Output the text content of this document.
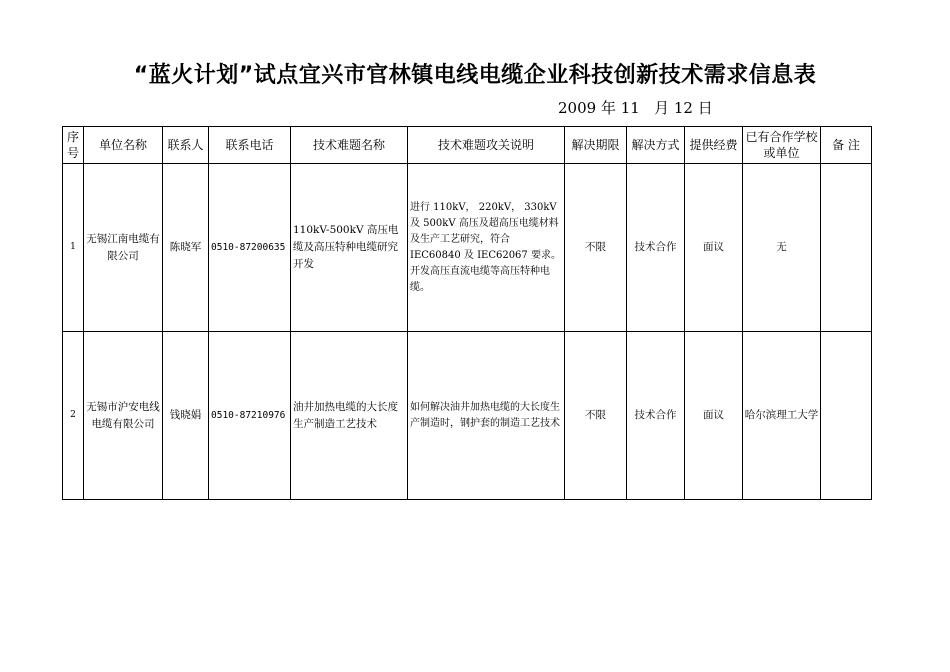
“蓝火计划”试点宜兴市官林镇电线电缆企业科技创新技术需求信息表
2009 年 11   月 12 日
序号	单位名称	联系人	联系电话	技术难题名称	技术难题攻关说明	解决期限	解决方式	提供经费	已有合作学校或单位	备 注
1	无锡江南电缆有限公司	陈晓军	0510-87200635	110kV-500kV 高压电缆及高压特种电缆研究开发	进行 110kV， 220kV， 330kV 及 500kV 高压及超高压电缆材料及生产工艺研究，符合 IEC60840 及 IEC62067 要求。开发高压直流电缆等高压特种电缆。	不限	技术合作	面议	无	
2	无锡市沪安电线电缆有限公司	钱晓娟	0510-87210976	油井加热电缆的大长度生产制造工艺技术	如何解决油井加热电缆的大长度生产制造时，钢护套的制造工艺技术	不限	技术合作	面议	哈尔滨理工大学	
